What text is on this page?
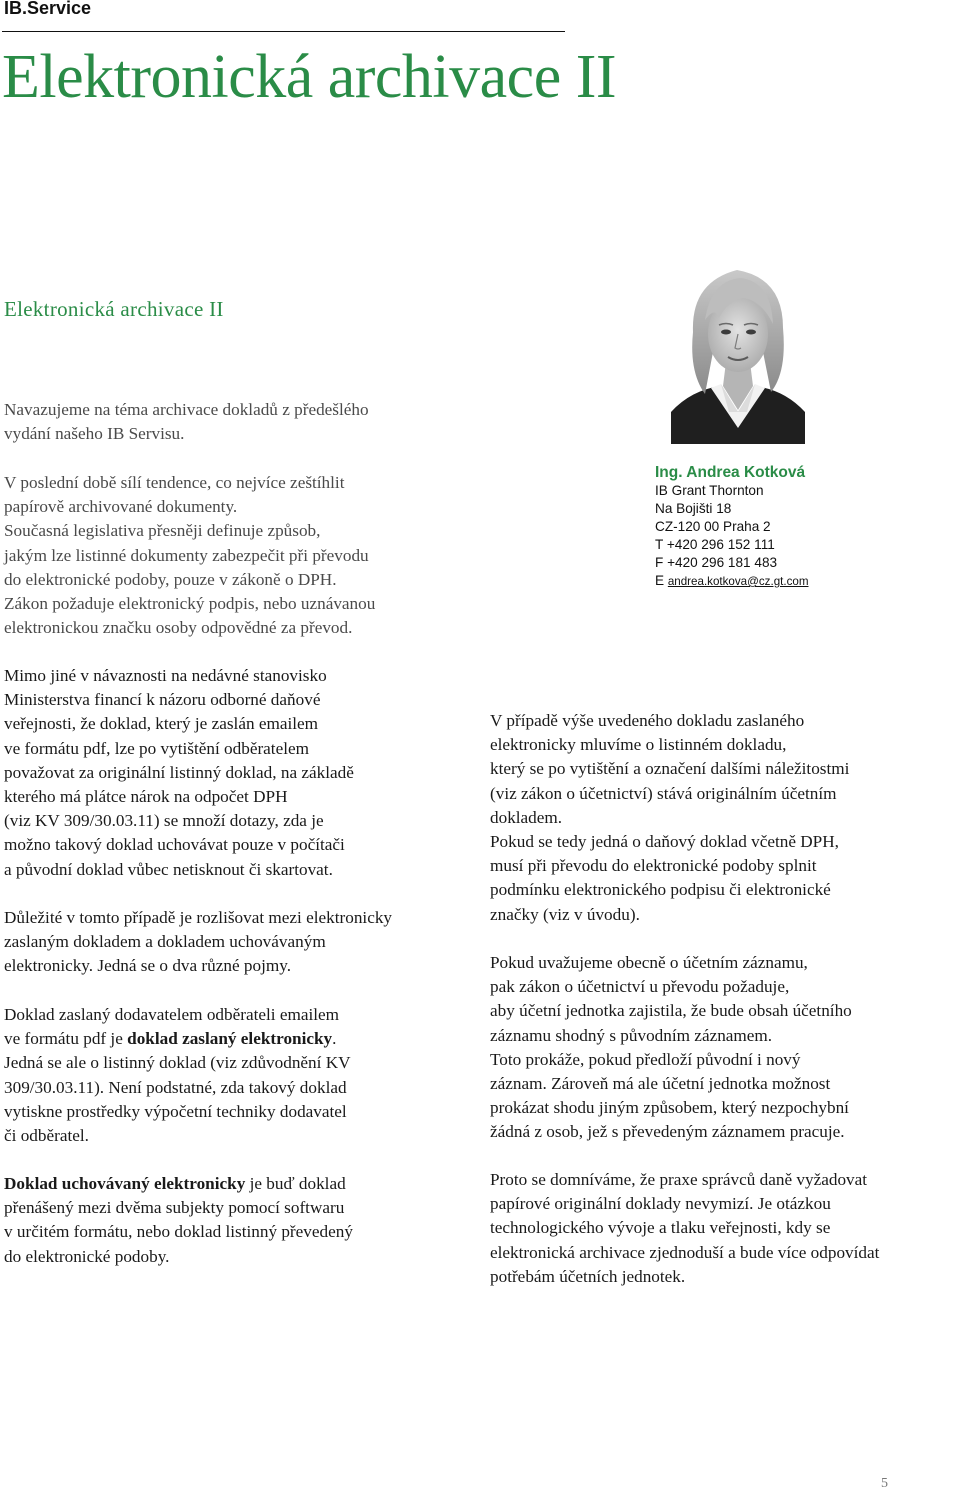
IB.Service
Elektronická archivace II
Elektronická archivace II
Navazujeme na téma archivace dokladů z předešlého
vydání našeho IB Servisu.
V poslední době sílí tendence, co nejvíce zeštíhlit
papírově archivované dokumenty.
Současná legislativa přesněji definuje způsob,
jakým lze listinné dokumenty zabezpečit při převodu
do elektronické podoby, pouze v zákoně o DPH.
Zákon požaduje elektronický podpis, nebo uznávanou
elektronickou značku osoby odpovědné za převod.
Ing. Andrea Kotková
IB Grant Thornton
Na Bojišti 18
CZ-120 00 Praha 2
T +420 296 152 111
F +420 296 181 483
E andrea.kotkova@cz.gt.com
Mimo jiné v návaznosti na nedávné stanovisko
Ministerstva financí k názoru odborné daňové
veřejnosti, že doklad, který je zaslán emailem
ve formátu pdf, lze po vytištění odběratelem
považovat za originální listinný doklad, na základě
kterého má plátce nárok na odpočet DPH
(viz KV 309/30.03.11) se množí dotazy, zda je
možno takový doklad uchovávat pouze v počítači
a původní doklad vůbec netisknout či skartovat.
Důležité v tomto případě je rozlišovat mezi elektronicky
zaslaným dokladem a dokladem uchovávaným
elektronicky. Jedná se o dva různé pojmy.
Doklad zaslaný dodavatelem odběrateli emailem
ve formátu pdf je doklad zaslaný elektronicky.
Jedná se ale o listinný doklad (viz zdůvodnění KV
309/30.03.11). Není podstatné, zda takový doklad
vytiskne prostředky výpočetní techniky dodavatel
či odběratel.
Doklad uchovávaný elektronicky je buď doklad
přenášený mezi dvěma subjekty pomocí softwaru
v určitém formátu, nebo doklad listinný převedený
do elektronické podoby.
V případě výše uvedeného dokladu zaslaného
elektronicky mluvíme o listinném dokladu,
který se po vytištění a označení dalšími náležitostmi
(viz zákon o účetnictví) stává originálním účetním
dokladem.
Pokud se tedy jedná o daňový doklad včetně DPH,
musí při převodu do elektronické podoby splnit
podmínku elektronického podpisu či elektronické
značky (viz v úvodu).
Pokud uvažujeme obecně o účetním záznamu,
pak zákon o účetnictví u převodu požaduje,
aby účetní jednotka zajistila, že bude obsah účetního
záznamu shodný s původním záznamem.
Toto prokáže, pokud předloží původní i nový
záznam. Zároveň má ale účetní jednotka možnost
prokázat shodu jiným způsobem, který nezpochybní
žádná z osob, jež s převedeným záznamem pracuje.
Proto se domníváme, že praxe správců daně vyžadovat
papírové originální doklady nevymizí. Je otázkou
technologického vývoje a tlaku veřejnosti, kdy se
elektronická archivace zjednoduší a bude více odpovídat
potřebám účetních jednotek.
5
